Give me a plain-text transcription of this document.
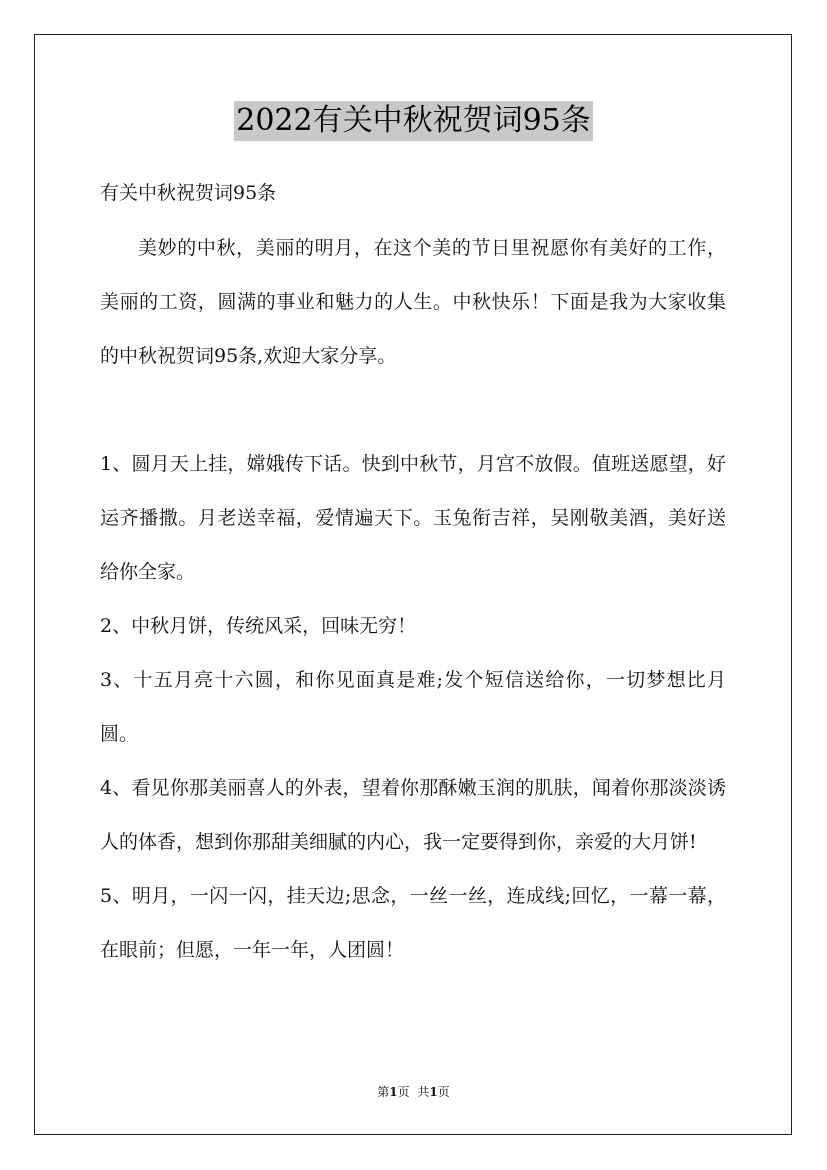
2022有关中秋祝贺词95条
有关中秋祝贺词95条

美妙的中秋，美丽的明月，在这个美的节日里祝愿你有美好的工作，美丽的工资，圆满的事业和魅力的人生。中秋快乐！下面是我为大家收集的中秋祝贺词95条,欢迎大家分享。

1、圆月天上挂，嫦娥传下话。快到中秋节，月宫不放假。值班送愿望，好运齐播撒。月老送幸福，爱情遍天下。玉兔衔吉祥，吴刚敬美酒，美好送给你全家。

2、中秋月饼，传统风采，回味无穷！

3、十五月亮十六圆，和你见面真是难;发个短信送给你，一切梦想比月圆。

4、看见你那美丽喜人的外表，望着你那酥嫩玉润的肌肤，闻着你那淡淡诱人的体香，想到你那甜美细腻的内心，我一定要得到你，亲爱的大月饼!

5、明月，一闪一闪，挂天边;思念，一丝一丝，连成线;回忆，一幕一幕，在眼前；但愿，一年一年，人团圆！

第1页 共1页
